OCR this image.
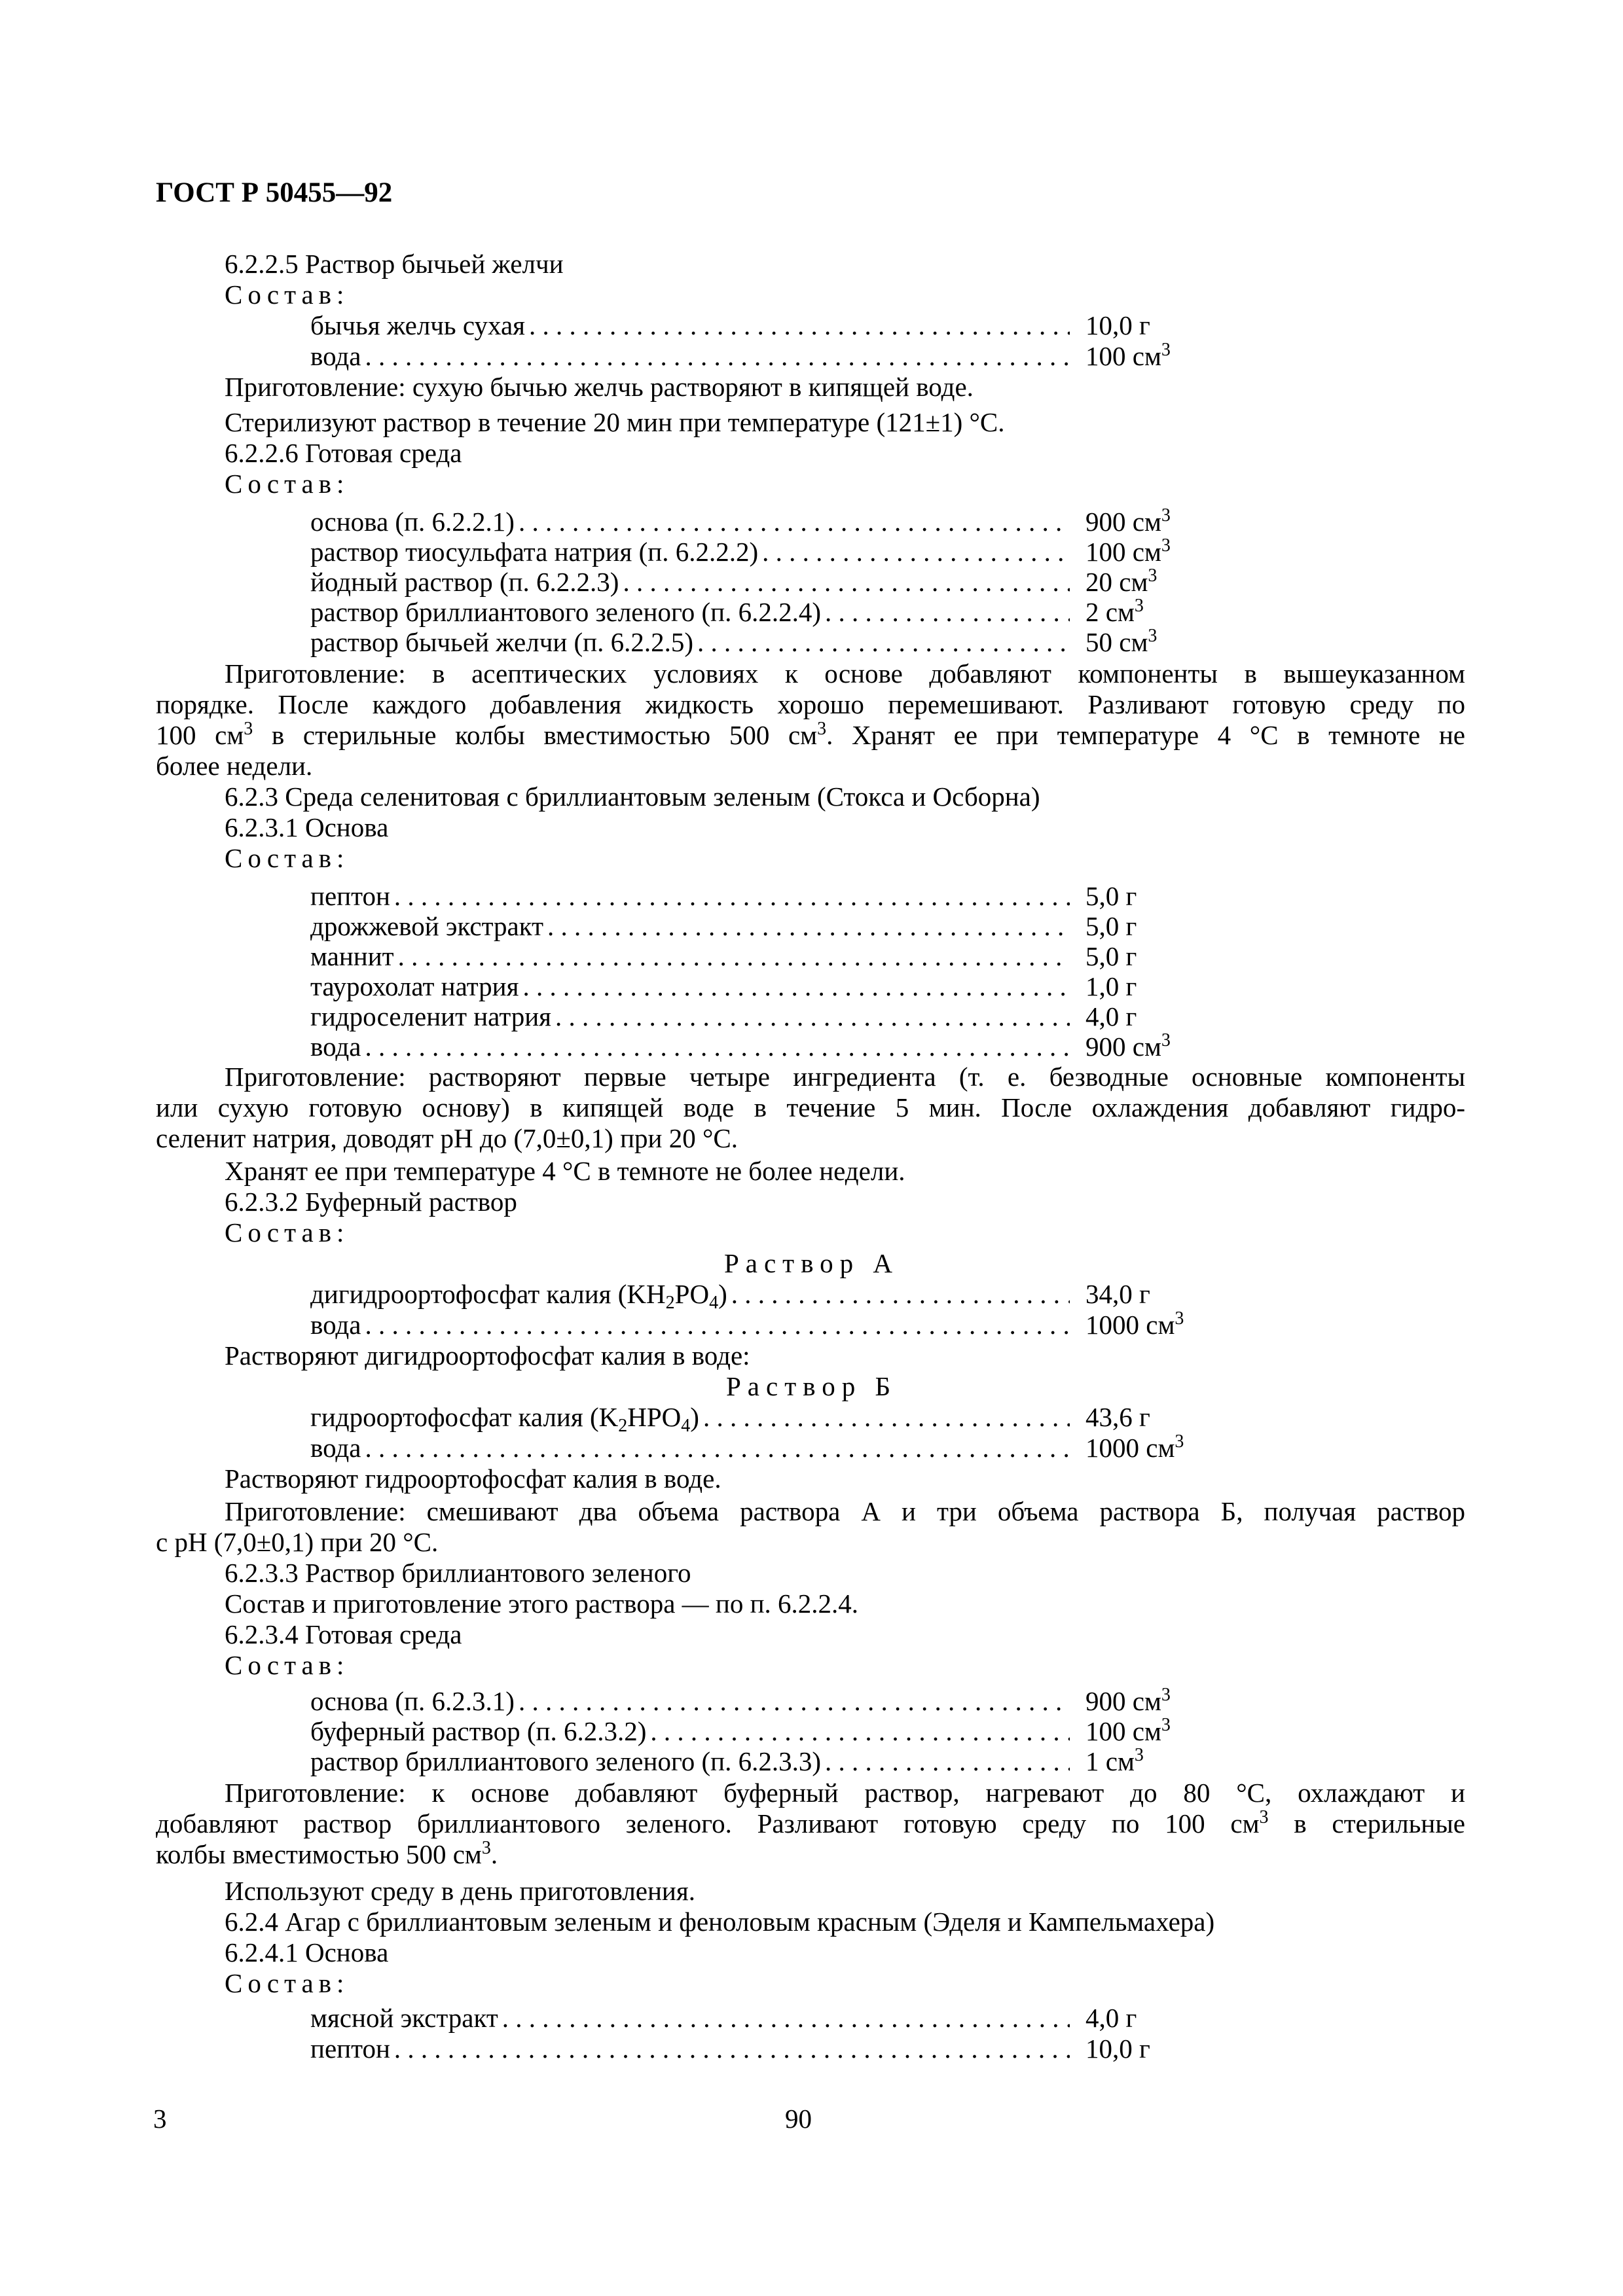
ГОСТ Р 50455—92
6.2.2.5 Раствор бычьей желчи
Состав:
бычья желчь сухая . . .	10,0 г
вода . . .	100 $см^3$
Приготовление: сухую бычью желчь растворяют в кипящей воде.
Стерилизуют раствор в течение 20 мин при температуре (121±1) °С.
6.2.2.6 Готовая среда
Состав:
основа (п. 6.2.2.1) . . .	900 $см^3$
раствор тиосульфата натрия (п. 6.2.2.2) . . .	100 $см^3$
йодный раствор (п. 6.2.2.3) . . .	20 $см^3$
раствор бриллиантового зеленого (п. 6.2.2.4) . . .	2 $см^3$
раствор бычьей желчи (п. 6.2.2.5) . . .	50 $см^3$
Приготовление: в асептических условиях к основе добавляют компоненты в вышеуказанном
порядке. После каждого добавления жидкость хорошо перемешивают. Разливают готовую среду по
100 $см^3$ в стерильные колбы вместимостью 500 $см^3$. Хранят ее при температуре 4 °С в темноте не
более недели.
6.2.3 Среда селенитовая с бриллиантовым зеленым (Стокса и Осборна)
6.2.3.1 Основа
Состав:
пептон . . .	5,0 г
дрожжевой экстракт . . .	5,0 г
маннит . . .	5,0 г
таурохолат натрия . . .	1,0 г
гидроселенит натрия . . .	4,0 г
вода . . .	900 $см^3$
Приготовление: растворяют первые четыре ингредиента (т. е. безводные основные компоненты
или сухую готовую основу) в кипящей воде в течение 5 мин. После охлаждения добавляют гидро-
селенит натрия, доводят рН до (7,0±0,1) при 20 °С.
Хранят ее при температуре 4 °С в темноте не более недели.
6.2.3.2 Буферный раствор
Состав:
Раствор А
дигидроортофосфат калия $(KH_2PO_4)$ . . .	34,0 г
вода . . .	1000 $см^3$
Растворяют дигидроортофосфат калия в воде:
Раствор Б
гидроортофосфат калия $(K_2HPO_4)$ . . .	43,6 г
вода . . .	1000 $см^3$
Растворяют гидроортофосфат калия в воде.
Приготовление: смешивают два объема раствора А и три объема раствора Б, получая раствор
с рН (7,0±0,1) при 20 °С.
6.2.3.3 Раствор бриллиантового зеленого
Состав и приготовление этого раствора — по п. 6.2.2.4.
6.2.3.4 Готовая среда
Состав:
основа (п. 6.2.3.1) . . .	900 $см^3$
буферный раствор (п. 6.2.3.2) . . .	100 $см^3$
раствор бриллиантового зеленого (п. 6.2.3.3) . . .	1 $см^3$
Приготовление: к основе добавляют буферный раствор, нагревают до 80 °С, охлаждают и
добавляют раствор бриллиантового зеленого. Разливают готовую среду по 100 $см^3$ в стерильные
колбы вместимостью 500 $см^3$.
Используют среду в день приготовления.
6.2.4 Агар с бриллиантовым зеленым и феноловым красным (Эделя и Кампельмахера)
6.2.4.1 Основа
Состав:
мясной экстракт . . .	4,0 г
пептон . . .	10,0 г
3	90
